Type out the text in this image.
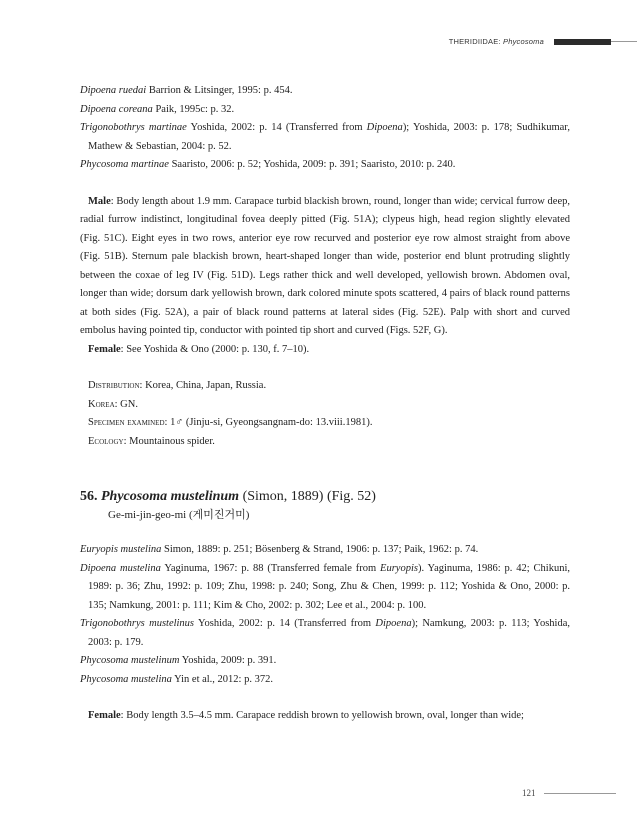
THERIDIIDAE: Phycosoma

Dipoena ruedai Barrion & Litsinger, 1995: p. 454.

Dipoena coreana Paik, 1995c: p. 32.

Trigonobothrys martinae Yoshida, 2002: p. 14 (Transferred from Dipoena); Yoshida, 2003: p. 178; Sudhikumar, Mathew & Sebastian, 2004: p. 52.

Phycosoma martinae Saaristo, 2006: p. 52; Yoshida, 2009: p. 391; Saaristo, 2010: p. 240.

Male: Body length about 1.9 mm. Carapace turbid blackish brown, round, longer than wide; cervical furrow deep, radial furrow indistinct, longitudinal fovea deeply pitted (Fig. 51A); clypeus high, head region slightly elevated (Fig. 51C). Eight eyes in two rows, anterior eye row recurved and posterior eye row almost straight from above (Fig. 51B). Sternum pale blackish brown, heart-shaped longer than wide, posterior end blunt protruding slightly between the coxae of leg IV (Fig. 51D). Legs rather thick and well developed, yellowish brown. Abdomen oval, longer than wide; dorsum dark yellowish brown, dark colored minute spots scattered, 4 pairs of black round patterns at both sides (Fig. 52A), a pair of black round patterns at lateral sides (Fig. 52E). Palp with short and curved embolus having pointed tip, conductor with pointed tip short and curved (Figs. 52F, G).

Female: See Yoshida & Ono (2000: p. 130, f. 7–10).

Distribution: Korea, China, Japan, Russia.

Korea: GN.

Specimen examined: 1♂ (Jinju-si, Gyeongsangnam-do: 13.viii.1981).

Ecology: Mountainous spider.

56. Phycosoma mustelinum (Simon, 1889) (Fig. 52)
Ge-mi-jin-geo-mi (게미진거미)

Euryopis mustelina Simon, 1889: p. 251; Bösenberg & Strand, 1906: p. 137; Paik, 1962: p. 74.

Dipoena mustelina Yaginuma, 1967: p. 88 (Transferred female from Euryopis). Yaginuma, 1986: p. 42; Chikuni, 1989: p. 36; Zhu, 1992: p. 109; Zhu, 1998: p. 240; Song, Zhu & Chen, 1999: p. 112; Yoshida & Ono, 2000: p. 135; Namkung, 2001: p. 111; Kim & Cho, 2002: p. 302; Lee et al., 2004: p. 100.

Trigonobothrys mustelinus Yoshida, 2002: p. 14 (Transferred from Dipoena); Namkung, 2003: p. 113; Yoshida, 2003: p. 179.

Phycosoma mustelinum Yoshida, 2009: p. 391.

Phycosoma mustelina Yin et al., 2012: p. 372.

Female: Body length 3.5–4.5 mm. Carapace reddish brown to yellowish brown, oval, longer than wide;

121
